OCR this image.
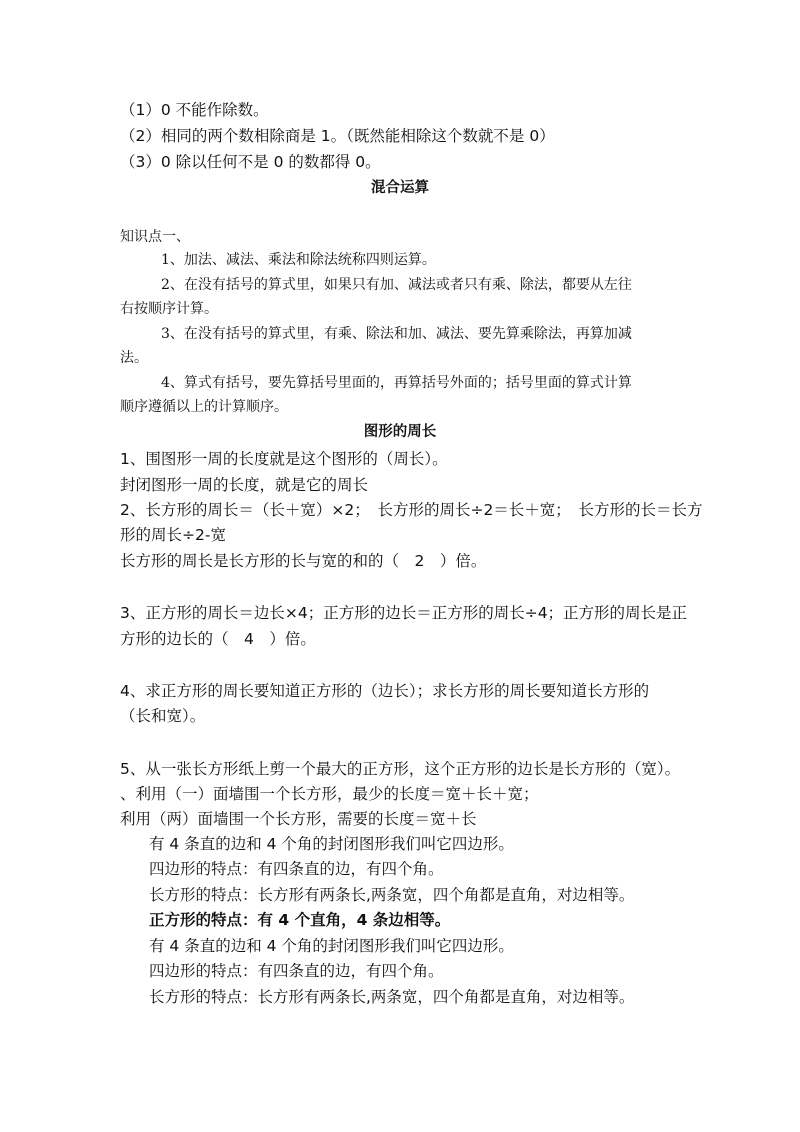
（1）0 不能作除数。
（2）相同的两个数相除商是 1。（既然能相除这个数就不是 0）
（3）0 除以任何不是 0 的数都得 0。
混合运算
知识点一、
1、加法、减法、乘法和除法统称四则运算。
2、在没有括号的算式里，如果只有加、减法或者只有乘、除法，都要从左往
右按顺序计算。
3、在没有括号的算式里，有乘、除法和加、减法、要先算乘除法，再算加减
法。
4、算式有括号，要先算括号里面的，再算括号外面的；括号里面的算式计算
顺序遵循以上的计算顺序。
图形的周长
1、围图形一周的长度就是这个图形的（周长）。
封闭图形一周的长度，就是它的周长
2、长方形的周长＝（长＋宽）×2；　长方形的周长÷2＝长＋宽；　长方形的长＝长方
形的周长÷2-宽
长方形的周长是长方形的长与宽的和的（　2　）倍。
3、正方形的周长＝边长×4；正方形的边长＝正方形的周长÷4；正方形的周长是正
方形的边长的（　4　）倍。
4、求正方形的周长要知道正方形的（边长）；求长方形的周长要知道长方形的
（长和宽）。
5、从一张长方形纸上剪一个最大的正方形，这个正方形的边长是长方形的（宽）。
、利用（一）面墙围一个长方形，最少的长度＝宽＋长＋宽；
利用（两）面墙围一个长方形，需要的长度＝宽＋长
有 4 条直的边和 4 个角的封闭图形我们叫它四边形。
四边形的特点：有四条直的边，有四个角。
长方形的特点：长方形有两条长,两条宽，四个角都是直角，对边相等。
正方形的特点：有 4 个直角，4 条边相等。
有 4 条直的边和 4 个角的封闭图形我们叫它四边形。
四边形的特点：有四条直的边，有四个角。
长方形的特点：长方形有两条长,两条宽，四个角都是直角，对边相等。
